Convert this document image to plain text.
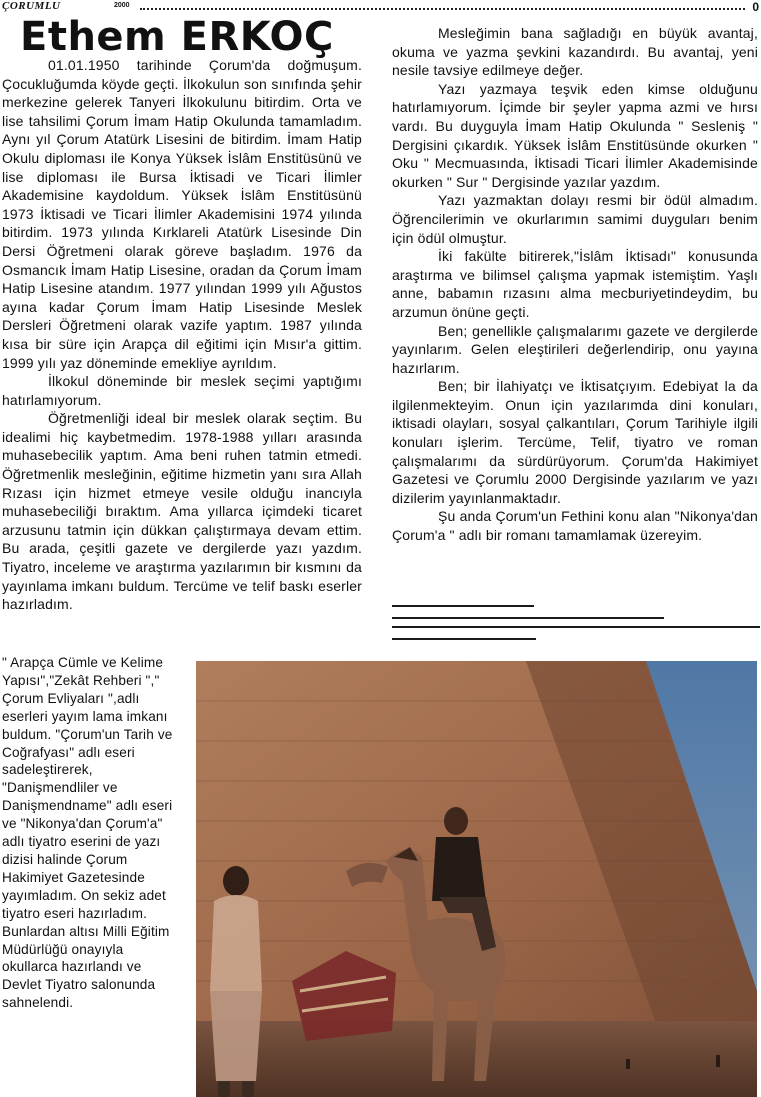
ÇORUMLU	2000	0
Ethem ERKOÇ

01.01.1950 tarihinde Çorum'da doğmuşum. Çocukluğumda köyde geçti. İlkokulun son sınıfında şehir merkezine gelerek Tanyeri İlkokulunu bitirdim. Orta ve lise tahsilimi Çorum İmam Hatip Okulunda tamamladım. Aynı yıl Çorum Atatürk Lisesini de bitirdim. İmam Hatip Okulu diploması ile Konya Yüksek İslâm Enstitüsünü ve lise diploması ile Bursa İktisadi ve Ticari İlimler Akademisine kaydoldum. Yüksek İslâm Enstitüsünü 1973 İktisadi ve Ticari İlimler Akademisini 1974 yılında bitirdim. 1973 yılında Kırklareli Atatürk Lisesinde Din Dersi Öğretmeni olarak göreve başladım. 1976 da Osmancık İmam Hatip Lisesine, oradan da Çorum İmam Hatip Lisesine atandım. 1977 yılından 1999 yılı Ağustos ayına kadar Çorum İmam Hatip Lisesinde Meslek Dersleri Öğretmeni olarak vazife yaptım. 1987 yılında kısa bir süre için Arapça dil eğitimi için Mısır'a gittim. 1999 yılı yaz döneminde emekliye ayrıldım.

İlkokul döneminde bir meslek seçimi yaptığımı hatırlamıyorum.

Öğretmenliği ideal bir meslek olarak seçtim. Bu idealimi hiç kaybetmedim. 1978-1988 yılları arasında muhasebecilik yaptım. Ama beni ruhen tatmin etmedi. Öğretmenlik mesleğinin, eğitime hizmetin yanı sıra Allah Rızası için hizmet etmeye vesile olduğu inancıyla muhasebeciliği bıraktım. Ama yıllarca içimdeki ticaret arzusunu tatmin için dükkan çalıştırmaya devam ettim. Bu arada, çeşitli gazete ve dergilerde yazı yazdım. Tiyatro, inceleme ve araştırma yazılarımın bir kısmını da yayınlama imkanı buldum. Tercüme ve telif baskı eserler hazırladım.

" Arapça Cümle ve Kelime Yapısı","Zekât Rehberi "," Çorum Evliyaları ",adlı eserleri yayım lama imkanı buldum. "Çorum'un Tarih ve Coğrafyası" adlı eseri sadeleştirerek, "Danişmendliler ve Danişmendname" adlı eseri ve "Nikonya'dan Çorum'a" adlı tiyatro eserini de yazı dizisi halinde Çorum Hakimiyet Gazetesinde yayımladım. On sekiz adet tiyatro eseri hazırladım. Bunlardan altısı Milli Eğitim Müdürlüğü onayıyla okullarca hazırlandı ve Devlet Tiyatro salonunda sahnelendi.

Mesleğimin bana sağladığı en büyük avantaj, okuma ve yazma şevkini kazandırdı. Bu avantaj, yeni nesile tavsiye edilmeye değer.

Yazı yazmaya teşvik eden kimse olduğunu hatırlamıyorum. İçimde bir şeyler yapma azmi ve hırsı vardı. Bu duyguyla İmam Hatip Okulunda " Sesleniş " Dergisini çıkardık. Yüksek İslâm Enstitüsünde okurken " Oku " Mecmuasında, İktisadi Ticari İlimler Akademisinde okurken " Sur " Dergisinde yazılar yazdım.

Yazı yazmaktan dolayı resmi bir ödül almadım. Öğrencilerimin ve okurlarımın samimi duyguları benim için ödül olmuştur.

İki fakülte bitirerek,"İslâm İktisadı" konusunda araştırma ve bilimsel çalışma yapmak istemiştim. Yaşlı anne, babamın rızasını alma mecburiyetindeydim, bu arzumun önüne geçti.

Ben; genellikle çalışmalarımı gazete ve dergilerde yayınlarım. Gelen eleştirileri değerlendirip, onu yayına hazırlarım.

Ben; bir İlahiyatçı ve İktisatçıyım. Edebiyat la da ilgilenmekteyim. Onun için yazılarımda dini konuları, iktisadi olayları, sosyal çalkantıları, Çorum Tarihiyle ilgili konuları işlerim. Tercüme, Telif, tiyatro ve roman çalışmalarımı da sürdürüyorum. Çorum'da Hakimiyet Gazetesi ve Çorumlu 2000 Dergisinde yazılarım ve yazı dizilerim yayınlanmaktadır.

Şu anda Çorum'un Fethini konu alan "Nikonya'dan Çorum'a " adlı bir romanı tamamlamak üzereyim.
